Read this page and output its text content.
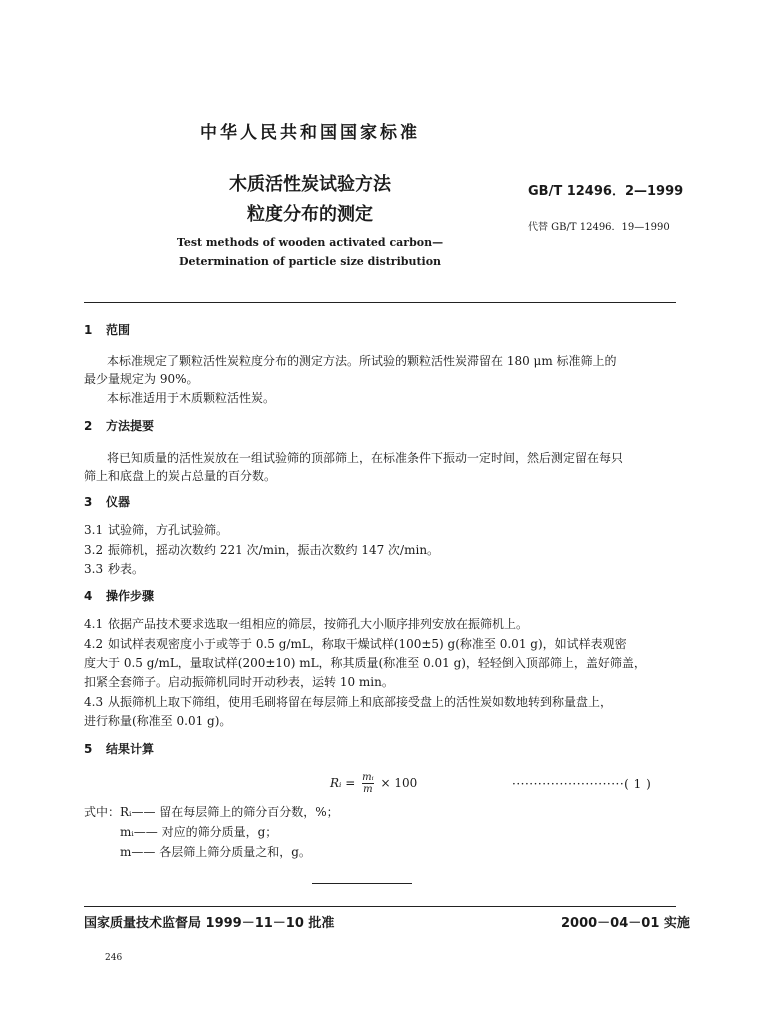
中华人民共和国国家标准
木质活性炭试验方法
粒度分布的测定
Test methods of wooden activated carbon—
Determination of particle size distribution
GB/T 12496．2—1999
代替 GB/T 12496．19—1990
1 范围
本标准规定了颗粒活性炭粒度分布的测定方法。所试验的颗粒活性炭滞留在 180 μm 标准筛上的
最少量规定为 90%。
本标准适用于木质颗粒活性炭。
2 方法提要
将已知质量的活性炭放在一组试验筛的顶部筛上，在标准条件下振动一定时间，然后测定留在每只
筛上和底盘上的炭占总量的百分数。
3 仪器
3.1 试验筛，方孔试验筛。
3.2 振筛机，摇动次数约 221 次/min，振击次数约 147 次/min。
3.3 秒表。
4 操作步骤
4.1 依据产品技术要求选取一组相应的筛层，按筛孔大小顺序排列安放在振筛机上。
4.2 如试样表观密度小于或等于 0.5 g/mL，称取干燥试样(100±5) g(称准至 0.01 g)，如试样表观密
度大于 0.5 g/mL，量取试样(200±10) mL，称其质量(称准至 0.01 g)，轻轻倒入顶部筛上，盖好筛盖，
扣紧全套筛子。启动振筛机同时开动秒表，运转 10 min。
4.3 从振筛机上取下筛组，使用毛刷将留在每层筛上和底部接受盘上的活性炭如数地转到称量盘上，
进行称量(称准至 0.01 g)。
5 结果计算
Rᵢ = $\frac{\text{mᵢ}}{m} \times 100$	··························( 1 )
式中：Rᵢ—— 留在每层筛上的筛分百分数，%；
mᵢ—— 对应的筛分质量，g；
m—— 各层筛上筛分质量之和，g。
国家质量技术监督局 1999－11－10 批准	2000－04－01 实施
246
